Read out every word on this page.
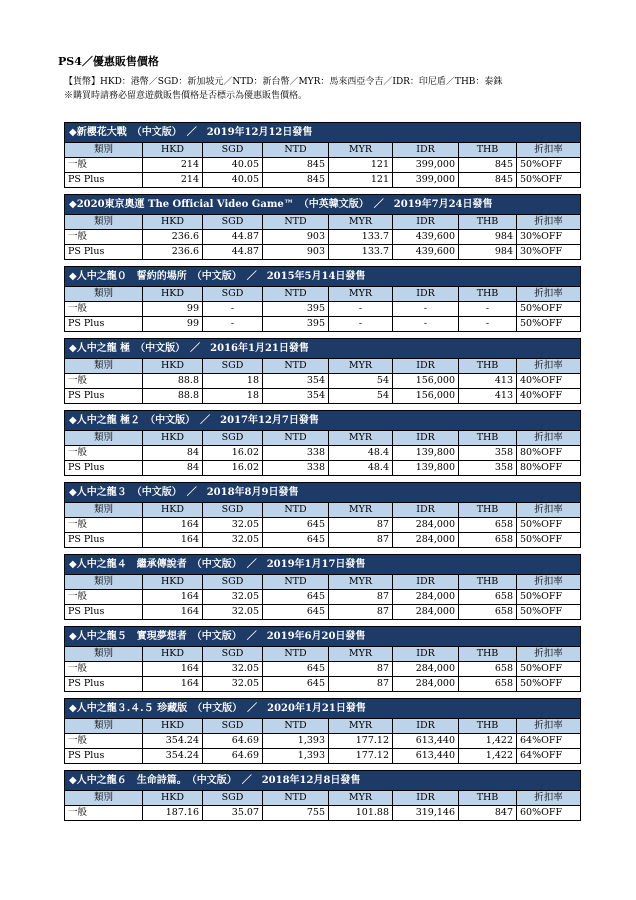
PS4／優惠販售價格
【貨幣】HKD：港幣／SGD：新加坡元／NTD：新台幣／MYR：馬來西亞令吉／IDR：印尼盾／THB：泰銖
※購買時請務必留意遊戲販售價格是否標示為優惠販售價格。
◆新櫻花大戰　（中文版）　／　2019年12月12日發售							
類別	HKD	SGD	NTD	MYR	IDR	THB	折扣率
一般	214	40.05	845	121	399,000	845	50%OFF
PS Plus	214	40.05	845	121	399,000	845	50%OFF
◆2020東京奧運 The Official Video Game™　（中英韓文版）　／　2019年7月24日發售							
類別	HKD	SGD	NTD	MYR	IDR	THB	折扣率
一般	236.6	44.87	903	133.7	439,600	984	30%OFF
PS Plus	236.6	44.87	903	133.7	439,600	984	30%OFF
◆人中之龍０　誓約的場所　（中文版）　／　2015年5月14日發售							
類別	HKD	SGD	NTD	MYR	IDR	THB	折扣率
一般	99	-	395	-	-	-	50%OFF
PS Plus	99	-	395	-	-	-	50%OFF
◆人中之龍 極　（中文版）　／　2016年1月21日發售							
類別	HKD	SGD	NTD	MYR	IDR	THB	折扣率
一般	88.8	18	354	54	156,000	413	40%OFF
PS Plus	88.8	18	354	54	156,000	413	40%OFF
◆人中之龍 極２　（中文版）　／　2017年12月7日發售							
類別	HKD	SGD	NTD	MYR	IDR	THB	折扣率
一般	84	16.02	338	48.4	139,800	358	80%OFF
PS Plus	84	16.02	338	48.4	139,800	358	80%OFF
◆人中之龍３　（中文版）　／　2018年8月9日發售							
類別	HKD	SGD	NTD	MYR	IDR	THB	折扣率
一般	164	32.05	645	87	284,000	658	50%OFF
PS Plus	164	32.05	645	87	284,000	658	50%OFF
◆人中之龍４　繼承傳說者　（中文版）　／　2019年1月17日發售							
類別	HKD	SGD	NTD	MYR	IDR	THB	折扣率
一般	164	32.05	645	87	284,000	658	50%OFF
PS Plus	164	32.05	645	87	284,000	658	50%OFF
◆人中之龍５　實現夢想者　（中文版）　／　2019年6月20日發售							
類別	HKD	SGD	NTD	MYR	IDR	THB	折扣率
一般	164	32.05	645	87	284,000	658	50%OFF
PS Plus	164	32.05	645	87	284,000	658	50%OFF
◆人中之龍３.４.５ 珍藏版　（中文版）　／　2020年1月21日發售							
類別	HKD	SGD	NTD	MYR	IDR	THB	折扣率
一般	354.24	64.69	1,393	177.12	613,440	1,422	64%OFF
PS Plus	354.24	64.69	1,393	177.12	613,440	1,422	64%OFF
◆人中之龍６　生命詩篇。　（中文版）　／　2018年12月8日發售							
類別	HKD	SGD	NTD	MYR	IDR	THB	折扣率
一般	187.16	35.07	755	101.88	319,146	847	60%OFF
